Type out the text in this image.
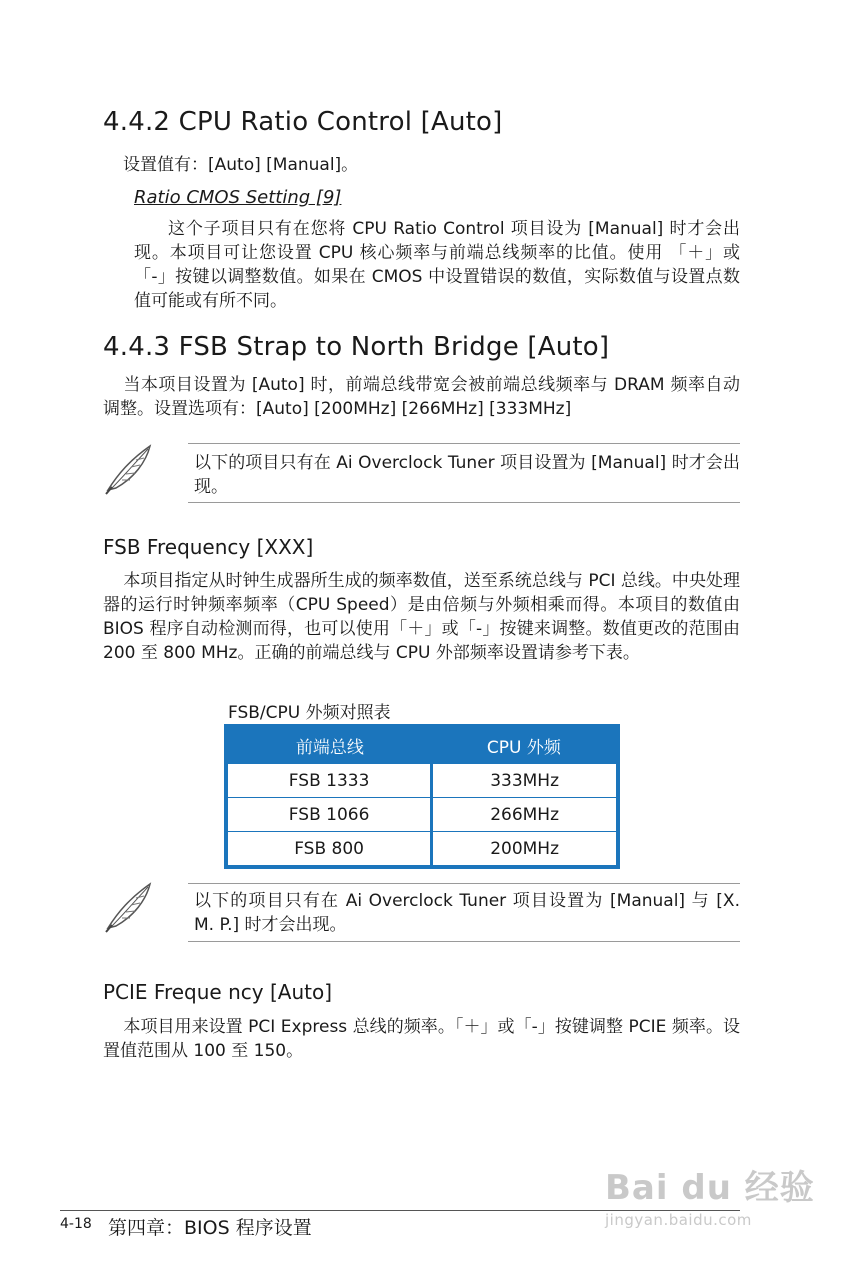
4.4.2 CPU Ratio Control [Auto]
设置值有：[Auto] [Manual]。
Ratio CMOS Setting [9]
这个子项目只有在您将 CPU Ratio Control 项目设为 [Manual] 时才会出现。本项目可让您设置 CPU 核心频率与前端总线频率的比值。使用 「＋」或「-」按键以调整数值。如果在 CMOS 中设置错误的数值，实际数值与设置点数值可能或有所不同。
4.4.3 FSB Strap to North Bridge [Auto]
当本项目设置为 [Auto] 时，前端总线带宽会被前端总线频率与 DRAM 频率自动调整。设置选项有：[Auto] [200MHz] [266MHz] [333MHz]
以下的项目只有在 Ai Overclock Tuner 项目设置为 [Manual] 时才会出现。
FSB Frequency [XXX]
本项目指定从时钟生成器所生成的频率数值，送至系统总线与 PCI 总线。中央处理器的运行时钟频率频率（CPU Speed）是由倍频与外频相乘而得。本项目的数值由 BIOS 程序自动检测而得，也可以使用「＋」或「-」按键来调整。数值更改的范围由 200 至 800 MHz。正确的前端总线与 CPU 外部频率设置请参考下表。
FSB/CPU 外频对照表
前端总线	CPU 外频
FSB 1333	333MHz
FSB 1066	266MHz
FSB 800	200MHz
以下的项目只有在 Ai Overclock Tuner 项目设置为 [Manual] 与 [X. M. P.] 时才会出现。
PCIE Freque ncy [Auto]
本项目用来设置 PCI Express 总线的频率。「＋」或「-」按键调整 PCIE 频率。设置值范围从 100 至 150。
Bai du 经验
jingyan.baidu.com
4-18 第四章：BIOS 程序设置
